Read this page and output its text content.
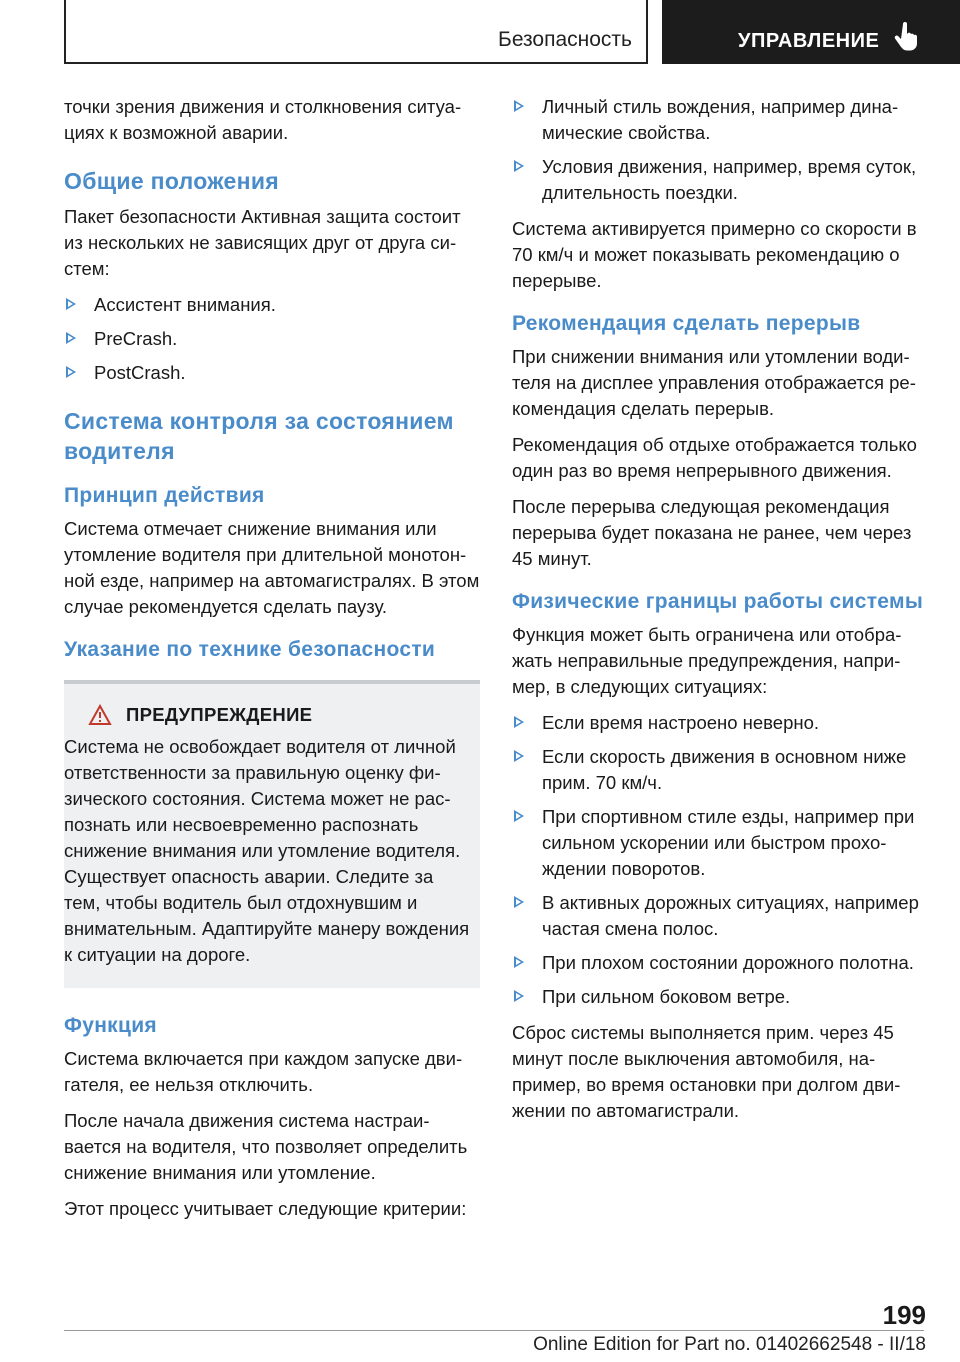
Безопасность	УПРАВЛЕНИЕ

точки зрения движения и столкновения ситуациях к возможной аварии.

Общие положения

Пакет безопасности Активная защита состоит из нескольких не зависящих друг от друга систем:

Ассистент внимания.
PreCrash.
PostCrash.
Система контроля за состоянием водителя
Принцип действия

Система отмечает снижение внимания или утомление водителя при длительной монотонной езде, например на автомагистралях. В этом случае рекомендуется сделать паузу.

Указание по технике безопасности
ПРЕДУПРЕЖДЕНИЕ

Система не освобождает водителя от личной ответственности за правильную оценку физического состояния. Система может не распознать или несвоевременно распознать снижение внимания или утомление водителя. Существует опасность аварии. Следите за тем, чтобы водитель был отдохнувшим и внимательным. Адаптируйте манеру вождения к ситуации на дороге.

Функция

Система включается при каждом запуске двигателя, ее нельзя отключить.

После начала движения система настраивается на водителя, что позволяет определить снижение внимания или утомление.

Этот процесс учитывает следующие критерии:

Личный стиль вождения, например динамические свойства.
Условия движения, например, время суток, длительность поездки.

Система активируется примерно со скорости в 70 км/ч и может показывать рекомендацию о перерыве.

Рекомендация сделать перерыв

При снижении внимания или утомлении водителя на дисплее управления отображается рекомендация сделать перерыв.

Рекомендация об отдыхе отображается только один раз во время непрерывного движения.

После перерыва следующая рекомендация перерыва будет показана не ранее, чем через 45 минут.

Физические границы работы системы

Функция может быть ограничена или отображать неправильные предупреждения, например, в следующих ситуациях:

Если время настроено неверно.
Если скорость движения в основном ниже прим. 70 км/ч.
При спортивном стиле езды, например при сильном ускорении или быстром прохождении поворотов.
В активных дорожных ситуациях, например частая смена полос.
При плохом состоянии дорожного полотна.
При сильном боковом ветре.

Сброс системы выполняется прим. через 45 минут после выключения автомобиля, например, во время остановки при долгом движении по автомагистрали.

199
Online Edition for Part no. 01402662548 - II/18
